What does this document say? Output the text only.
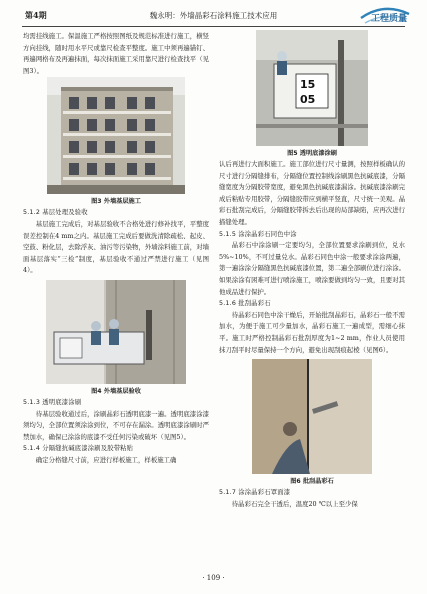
第4期	魏永明：外墙晶彩石涂料施工技术应用	工程质量

均需挂线施工。保温施工严格按照图纸及规范标准进行施工，横竖方向挂线，随时用水平尺或靠尺检查平整度。施工中须再遍锚钉、再遍网格布及再遍抹面，每次抹面施工采用靠尺进行检查找平（见图3）。

图3 外墙基层施工
5.1.2 基层处理及验收

基层施工完成后，对基层验收不合格处进行修补找平，平整度误差控制在4 mm之内。基层施工完成后要做洗清除疏松、起皮、空鼓、粉化层，去除浮灰、油污等污染物，外墙涂料施工前，对墙面基层落实“三检”制度，基层验收不通过严禁进行施工（见图4）。

图4 外墙基层验收
5.1.3 透明底漆涂刷

待基层验收通过后，涂刷晶彩石透明底漆一遍。透明底漆涂漆须均匀，全部位置须涂涂到位，不可存在漏涂。透明底漆涂刷时严禁加水，确保已涂涂的底漆不受任何污染或破坏（见图5）。

5.1.4 分隔缝抗碱底漆涂刷及胶带粘贴

确定分格缝尺寸前，应进行样板施工，样板施工确

15
05
图5 透明底漆涂刷

认后再进行大面积施工。施工部位进行尺寸量测，按照样板确认的尺寸进行分隔缝排布，分隔缝位置控制线涂刷黑色抗碱底漆，分隔缝宽度为分隔胶带宽度，避免黑色抗碱底漆漏涂。抗碱底漆涂刷完成后粘贴专用胶带，分隔缝胶带应到横平竖直，尺寸统一美观。晶彩石批刮完成后，分隔缝胶带拆去后出现的局部缺陷，应再次进行描缝处理。

5.1.5 涂涂晶彩石同色中涂

晶彩石中涂涂刷一定要均匀，全部位置要求涂刷到位，兑水5%~10%，不可过量兑水。晶彩石同色中涂一般要求涂涂两遍，第一遍涂涂分隔缝黑色抗碱底漆位置，第二遍全部刷位进行涂涂。如果涂涂有困难可进行喷涂施工，喷涂要做到均匀一致，且要对其他成品进行保护。

5.1.6 批刮晶彩石

待晶彩石同色中涂干燥后，开始批刮晶彩石，晶彩石一般不需加水，为便于施工可少量加水，晶彩石施工一遍成型，需细心抹平。施工时严格控制晶彩石批刮厚度为1~2 mm，作业人员使用抹刀刮平时尽量保持一个方向，避免出现刮痕起棱（见图6）。

图6 批刮晶彩石
5.1.7 涂涂晶彩石罩面漆

待晶彩石完全干透后，温度20 ℃以上至少保

· 109 ·
